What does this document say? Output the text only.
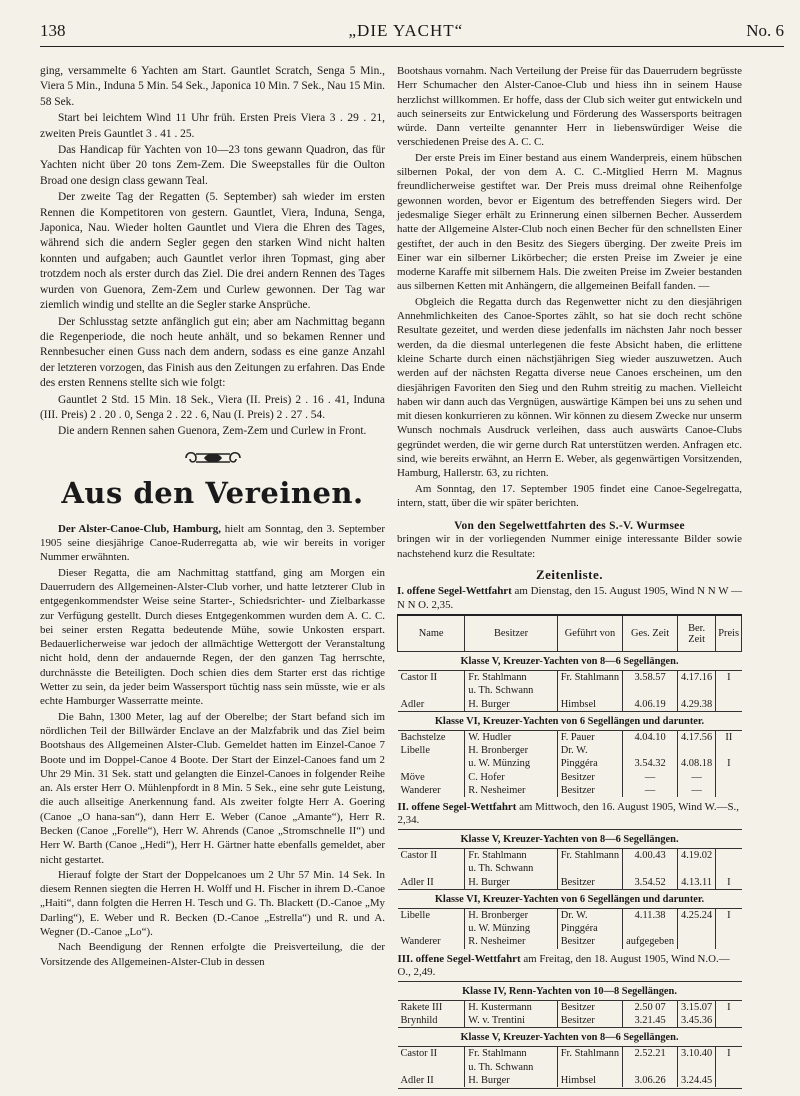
138	„DIE YACHT“	No. 6

ging, versammelte 6 Yachten am Start. Gauntlet Scratch, Senga 5 Min., Viera 5 Min., Induna 5 Min. 54 Sek., Japonica 10 Min. 7 Sek., Nau 15 Min. 58 Sek.

Start bei leichtem Wind 11 Uhr früh. Ersten Preis Viera 3 . 29 . 21, zweiten Preis Gauntlet 3 . 41 . 25.

Das Handicap für Yachten von 10—23 tons gewann Quadron, das für Yachten nicht über 20 tons Zem-Zem. Die Sweepstalles für die Oulton Broad one design class gewann Teal.

Der zweite Tag der Regatten (5. September) sah wieder im ersten Rennen die Kompetitoren von gestern. Gauntlet, Viera, Induna, Senga, Japonica, Nau. Wieder holten Gauntlet und Viera die Ehren des Tages, während sich die andern Segler gegen den starken Wind nicht halten konnten und aufgaben; auch Gauntlet verlor ihren Topmast, ging aber trotzdem noch als erster durch das Ziel. Die drei andern Rennen des Tages wurden von Guenora, Zem-Zem und Curlew gewonnen. Der Tag war ziemlich windig und stellte an die Segler starke Ansprüche.

Der Schlusstag setzte anfänglich gut ein; aber am Nachmittag begann die Regenperiode, die noch heute anhält, und so bekamen Renner und Rennbesucher einen Guss nach dem andern, sodass es eine ganze Anzahl der letzteren vorzogen, das Finish aus den Zeitungen zu erfahren. Das Ende des ersten Rennens stellte sich wie folgt:

Gauntlet 2 Std. 15 Min. 18 Sek., Viera (II. Preis) 2 . 16 . 41, Induna (III. Preis) 2 . 20 . 0, Senga 2 . 22 . 6, Nau (I. Preis) 2 . 27 . 54.

Die andern Rennen sahen Guenora, Zem-Zem und Curlew in Front.

Aus den Vereinen.

Der Alster-Canoe-Club, Hamburg, hielt am Sonntag, den 3. September 1905 seine diesjährige Canoe-Ruderregatta ab, wie wir bereits in voriger Nummer erwähnten.

Dieser Regatta, die am Nachmittag stattfand, ging am Morgen ein Dauerrudern des Allgemeinen-Alster-Club vorher, und hatte letzterer Club in entgegenkommendster Weise seine Starter-, Schiedsrichter- und Zielbarkasse zur Verfügung gestellt. Durch dieses Entgegenkommen wurden dem A. C. C. bei seiner ersten Regatta bedeutende Mühe, sowie Unkosten erspart. Bedauerlicherweise war jedoch der allmächtige Wettergott der Veranstaltung nicht hold, denn der andauernde Regen, der den ganzen Tag herrschte, durchnässte die Beteiligten. Doch schien dies dem Starter erst das richtige Wetter zu sein, da jeder beim Wassersport tüchtig nass sein müsste, wie er als echte Hamburger Wasserratte meinte.

Die Bahn, 1300 Meter, lag auf der Oberelbe; der Start befand sich im nördlichen Teil der Billwärder Enclave an der Malzfabrik und das Ziel beim Bootshaus des Allgemeinen Alster-Club. Gemeldet hatten im Einzel-Canoe 7 Boote und im Doppel-Canoe 4 Boote. Der Start der Einzel-Canoes fand um 2 Uhr 29 Min. 31 Sek. statt und gelangten die Einzel-Canoes in folgender Reihe an. Als erster Herr O. Mühlenpfordt in 8 Min. 5 Sek., eine sehr gute Leistung, die auch allseitige Anerkennung fand. Als zweiter folgte Herr A. Goering (Canoe „O hana-san“), dann Herr E. Weber (Canoe „Amante“), Herr R. Becken (Canoe „Forelle“), Herr W. Ahrends (Canoe „Stromschnelle II“) und Herr W. Barth (Canoe „Hedi“), Herr H. Gärtner hatte ebenfalls gemeldet, aber nicht gestartet.

Hierauf folgte der Start der Doppelcanoes um 2 Uhr 57 Min. 14 Sek. In diesem Rennen siegten die Herren H. Wolff und H. Fischer in ihrem D.-Canoe „Haiti“, dann folgten die Herren H. Tesch und G. Th. Blackett (D.-Canoe „My Darling“), E. Weber und R. Becken (D.-Canoe „Estrella“) und R. und A. Wegner (D.-Canoe „Lo“).

Nach Beendigung der Rennen erfolgte die Preisverteilung, die der Vorsitzende des Allgemeinen-Alster-Club in dessen

Bootshaus vornahm. Nach Verteilung der Preise für das Dauerrudern begrüsste Herr Schumacher den Alster-Canoe-Club und hiess ihn in seinem Hause herzlichst willkommen. Er hoffe, dass der Club sich weiter gut entwickeln und auch seinerseits zur Entwickelung und Förderung des Wassersports beitragen würde. Dann verteilte genannter Herr in liebenswürdiger Weise die verschiedenen Preise des A. C. C.

Der erste Preis im Einer bestand aus einem Wanderpreis, einem hübschen silbernen Pokal, der von dem A. C. C.-Mitglied Herrn M. Magnus freundlicherweise gestiftet war. Der Preis muss dreimal ohne Reihenfolge gewonnen worden, bevor er Eigentum des betreffenden Siegers wird. Der jedesmalige Sieger erhält zu Erinnerung einen silbernen Becher. Ausserdem hatte der Allgemeine Alster-Club noch einen Becher für den schnellsten Einer gestiftet, der auch in den Besitz des Siegers überging. Der zweite Preis im Einer war ein silberner Likörbecher; die ersten Preise im Zweier je eine moderne Karaffe mit silbernem Hals. Die zweiten Preise im Zweier bestanden aus silbernen Ketten mit Anhängern, die allgemeinen Beifall fanden. —

Obgleich die Regatta durch das Regenwetter nicht zu den diesjährigen Annehmlichkeiten des Canoe-Sportes zählt, so hat sie doch recht schöne Resultate gezeitet, und werden diese jedenfalls im nächsten Jahr noch besser werden, da die diesmal unterlegenen die feste Absicht haben, die erlittene kleine Scharte durch einen nächstjährigen Sieg wieder auszuwetzen. Auch werden auf der nächsten Regatta diverse neue Canoes erscheinen, um den diesjährigen Favoriten den Sieg und den Ruhm streitig zu machen. Vielleicht haben wir dann auch das Vergnügen, auswärtige Kämpen bei uns zu sehen und mit diesen konkurrieren zu können. Wir können zu diesem Zwecke nur unserm Wunsch nochmals Ausdruck verleihen, dass auch auswärts Canoe-Clubs gegründet werden, die wir gerne durch Rat unterstützen werden. Anfragen etc. sind, wie bereits erwähnt, an Herrn E. Weber, als gegenwärtigen Vorsitzenden, Hamburg, Hallerstr. 63, zu richten.

Am Sonntag, den 17. September 1905 findet eine Canoe-Segelregatta, intern, statt, über die wir später berichten.

Von den Segelwettfahrten des S.-V. Wurmsee

bringen wir in der vorliegenden Nummer einige interessante Bilder sowie nachstehend kurz die Resultate:

Zeitenliste.

I. offene Segel-Wettfahrt am Dienstag, den 15. August 1905, Wind N N W —N N O. 2,35.

Name	Besitzer	Geführt von	Ges. Zeit	Ber. Zeit	Preis
Klasse V, Kreuzer-Yachten von 8—6 Segellängen.					
Castor II	Fr. Stahlmann	Fr. Stahlmann	3.58.57	4.17.16	I
	u. Th. Schwann				
Adler	H. Burger	Himbsel	4.06.19	4.29.38	
Klasse VI, Kreuzer-Yachten von 6 Segellängen und darunter.					
Bachstelze	W. Hudler	F. Pauer	4.04.10	4.17.56	II
Libelle	H. Bronberger	Dr. W.			
	u. W. Münzing	Pinggéra	3.54.32	4.08.18	I
Möve	C. Hofer	Besitzer	—	—	
Wanderer	R. Nesheimer	Besitzer	—	—	
II. offene Segel-Wettfahrt am Mittwoch, den 16. August 1905, Wind W.—S., 2,34.					
Klasse V, Kreuzer-Yachten von 8—6 Segellängen.					
Castor II	Fr. Stahlmann	Fr. Stahlmann	4.00.43	4.19.02	
	u. Th. Schwann				
Adler II	H. Burger	Besitzer	3.54.52	4.13.11	I
Klasse VI, Kreuzer-Yachten von 6 Segellängen und darunter.					
Libelle	H. Bronberger	Dr. W.	4.11.38	4.25.24	I
	u. W. Münzing	Pinggéra			
Wanderer	R. Nesheimer	Besitzer	aufgegeben		
III. offene Segel-Wettfahrt am Freitag, den 18. August 1905, Wind N.O.—O., 2,49.					
Klasse IV, Renn-Yachten von 10—8 Segellängen.					
Rakete III	H. Kustermann	Besitzer	2.50 07	3.15.07	I
Brynhild	W. v. Trentini	Besitzer	3.21.45	3.45.36	
Klasse V, Kreuzer-Yachten von 8—6 Segellängen.					
Castor II	Fr. Stahlmann	Fr. Stahlmann	2.52.21	3.10.40	I
	u. Th. Schwann				
Adler II	H. Burger	Himbsel	3.06.26	3.24.45	
